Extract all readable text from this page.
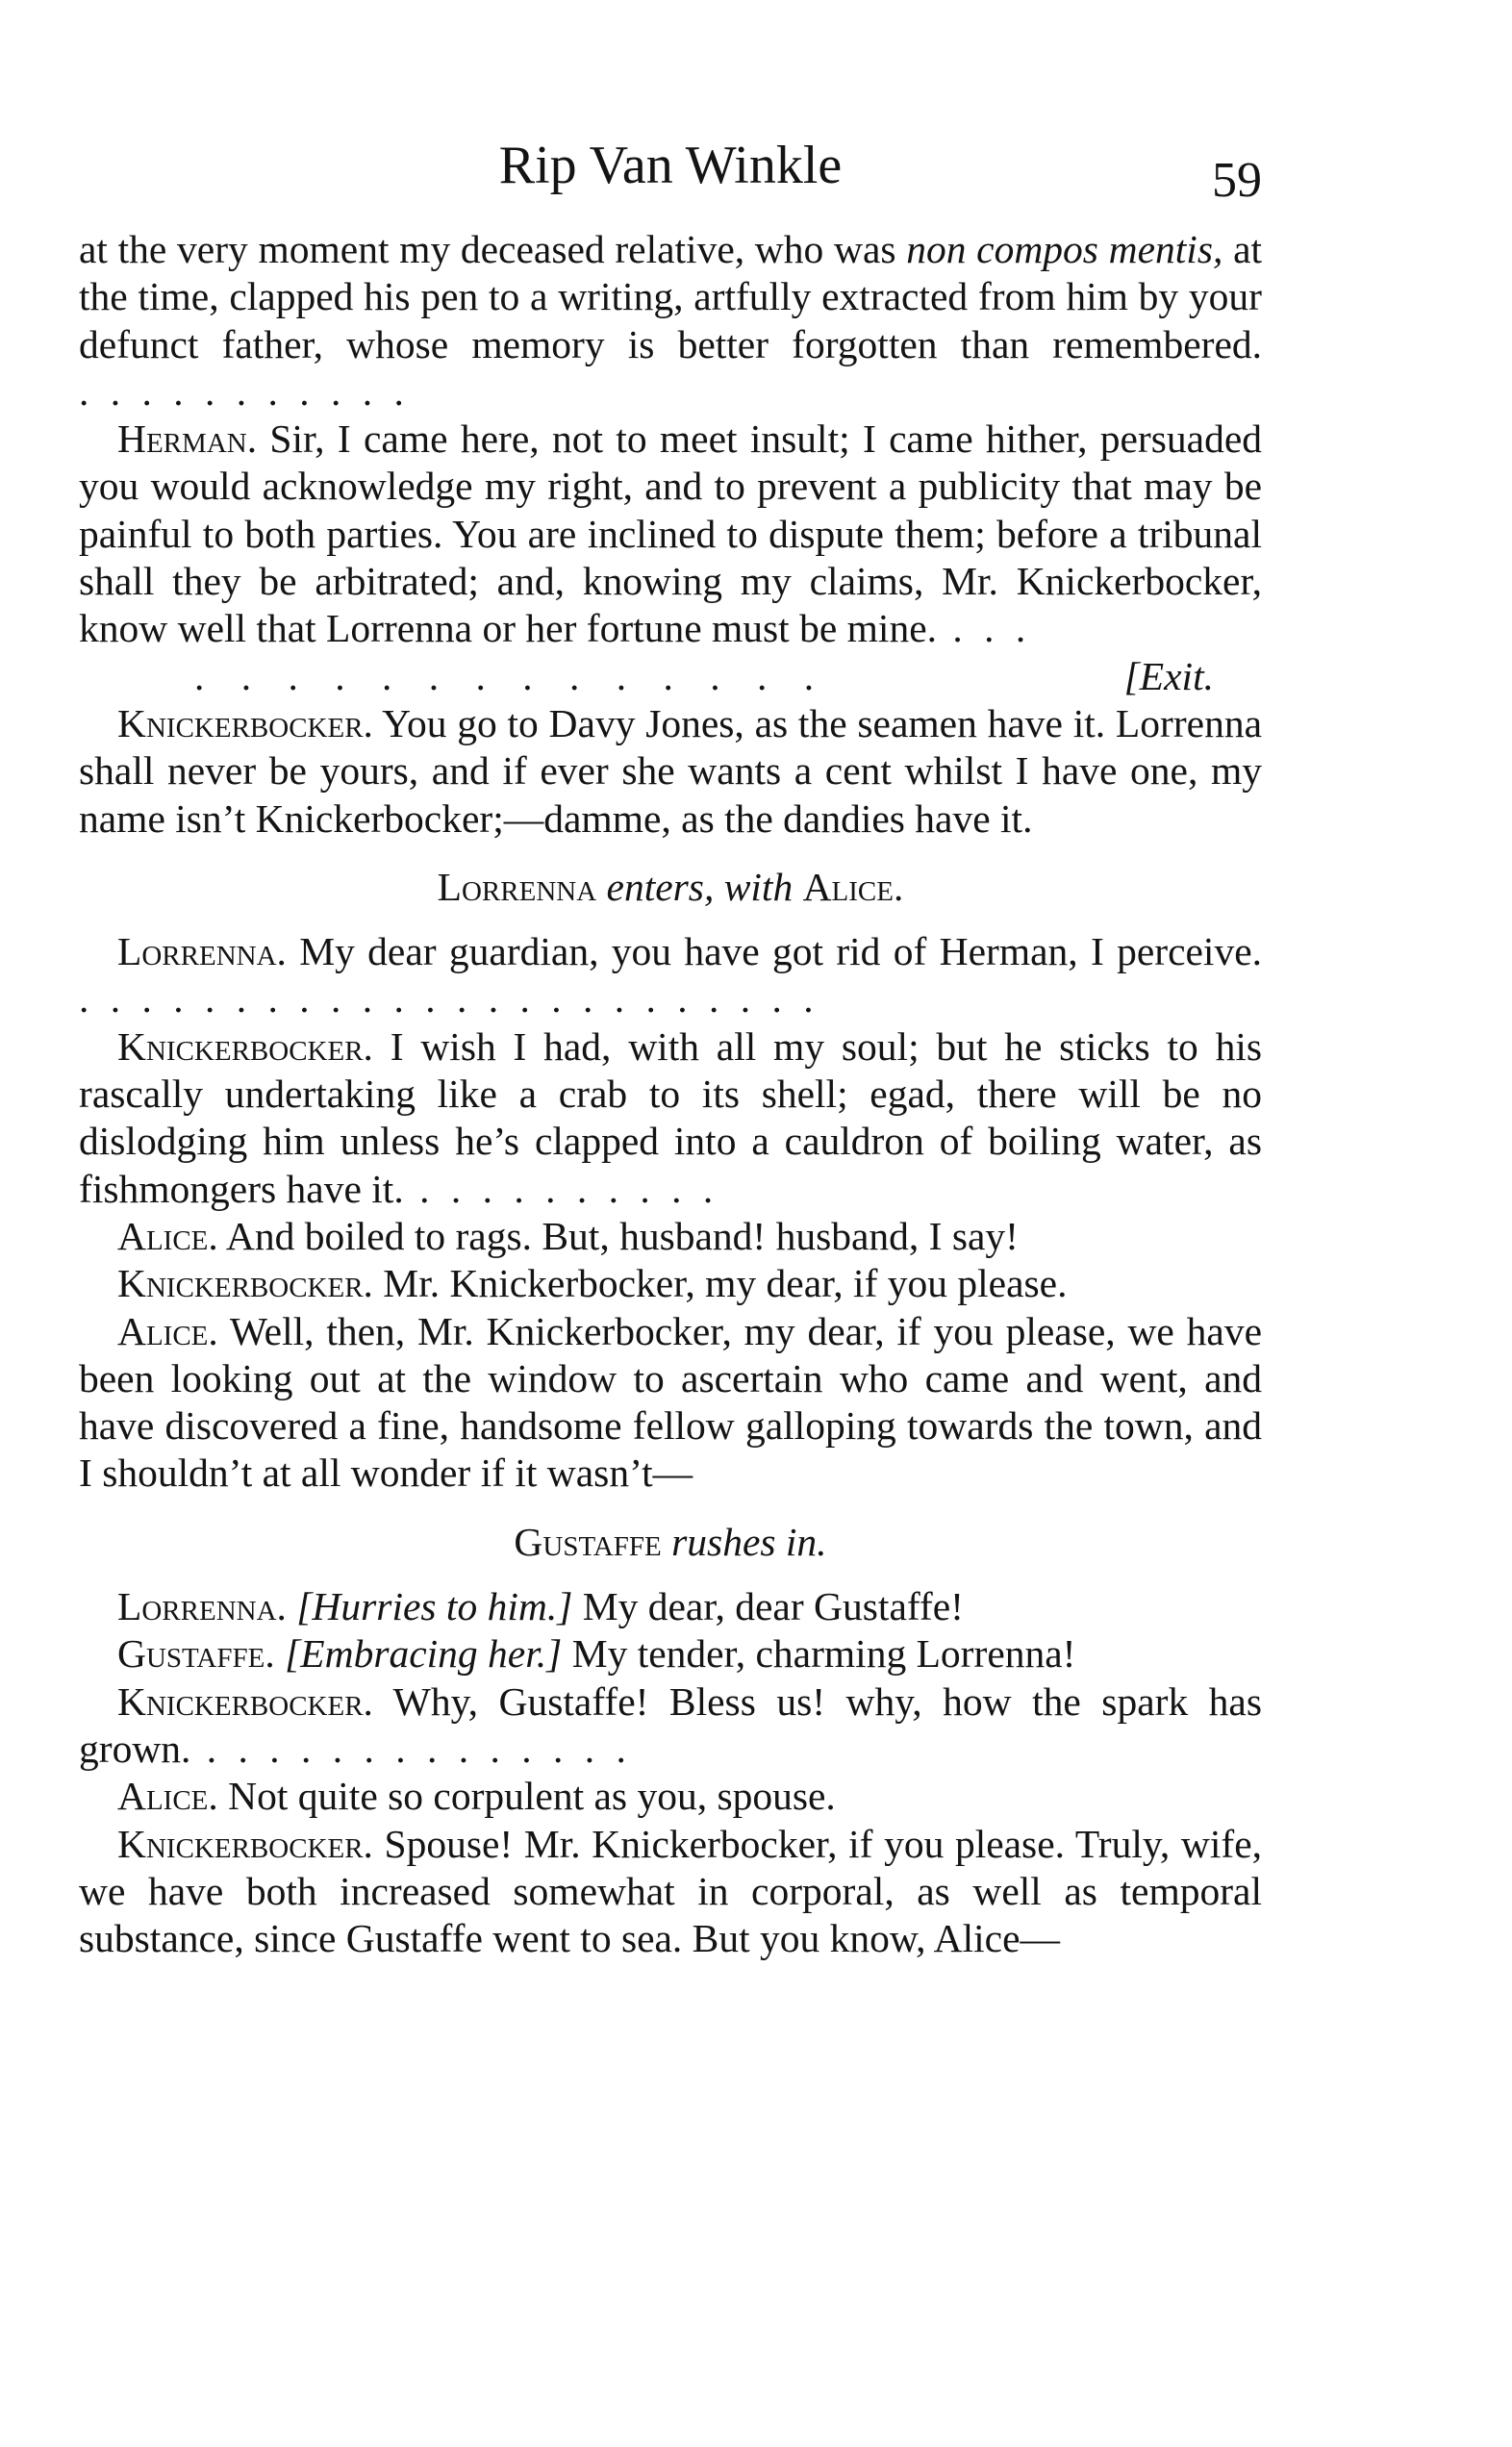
Rip Van Winkle	59

at the very moment my deceased relative, who was non compos mentis, at the time, clapped his pen to a writing, artfully extracted from him by your defunct father, whose memory is better forgotten than remembered. . . . . . . . . . . .

Herman. Sir, I came here, not to meet insult; I came hither, persuaded you would acknowledge my right, and to prevent a publicity that may be painful to both parties. You are inclined to dispute them; before a tribunal shall they be arbitrated; and, knowing my claims, Mr. Knickerbocker, know well that Lorrenna or her fortune must be mine. . . .

. . . . . . . . . . . . . .	[Exit.

Knickerbocker. You go to Davy Jones, as the seamen have it. Lorrenna shall never be yours, and if ever she wants a cent whilst I have one, my name isn’t Knickerbocker;—damme, as the dandies have it.

Lorrenna enters, with Alice.

Lorrenna. My dear guardian, you have got rid of Herman, I perceive. . . . . . . . . . . . . . . . . . . . . . . . .

Knickerbocker. I wish I had, with all my soul; but he sticks to his rascally undertaking like a crab to its shell; egad, there will be no dislodging him unless he’s clapped into a cauldron of boiling water, as fishmongers have it. . . . . . . . . . .

Alice. And boiled to rags. But, husband! husband, I say!

Knickerbocker. Mr. Knickerbocker, my dear, if you please.

Alice. Well, then, Mr. Knickerbocker, my dear, if you please, we have been looking out at the window to ascertain who came and went, and have discovered a fine, handsome fellow galloping towards the town, and I shouldn’t at all wonder if it wasn’t—

Gustaffe rushes in.

Lorrenna. [Hurries to him.] My dear, dear Gustaffe!

Gustaffe. [Embracing her.] My tender, charming Lorrenna!

Knickerbocker. Why, Gustaffe! Bless us! why, how the spark has grown. . . . . . . . . . . . . . .

Alice. Not quite so corpulent as you, spouse.

Knickerbocker. Spouse! Mr. Knickerbocker, if you please. Truly, wife, we have both increased somewhat in corporal, as well as temporal substance, since Gustaffe went to sea. But you know, Alice—
